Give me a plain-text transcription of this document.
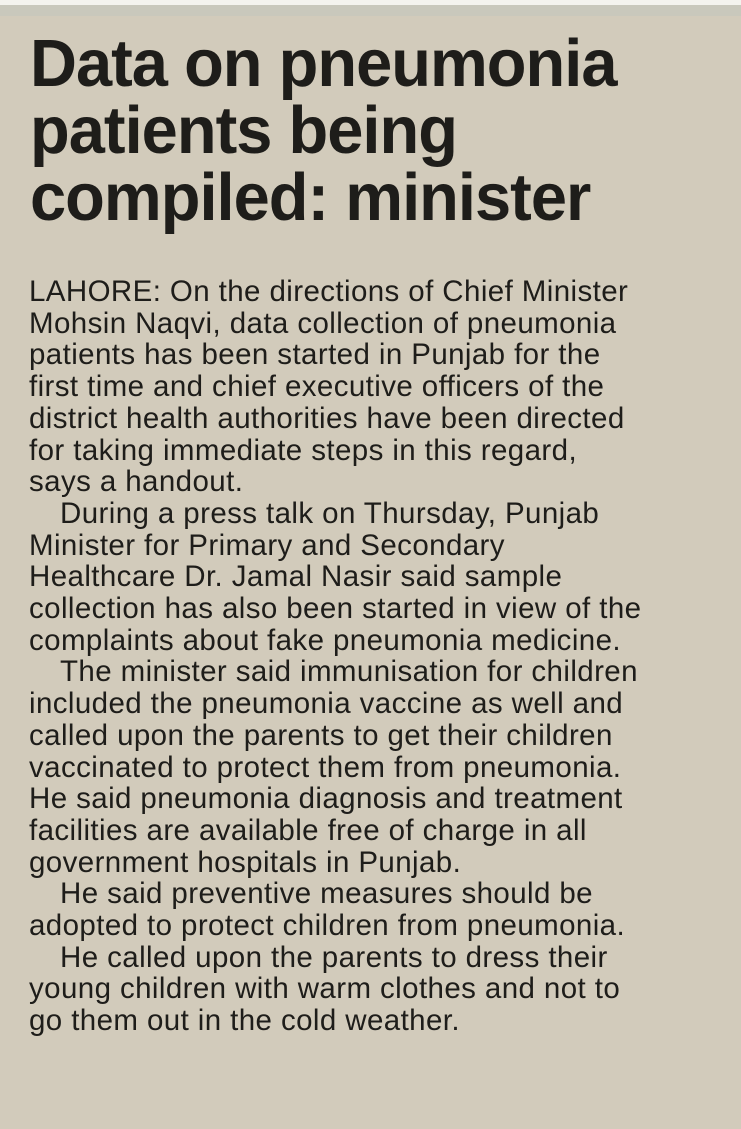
Data on pneumonia
patients being
compiled: minister
LAHORE: On the directions of Chief Minister
Mohsin Naqvi, data collection of pneumonia
patients has been started in Punjab for the
first time and chief executive officers of the
district health authorities have been directed
for taking immediate steps in this regard,
says a handout.
During a press talk on Thursday, Punjab
Minister for Primary and Secondary
Healthcare Dr. Jamal Nasir said sample
collection has also been started in view of the
complaints about fake pneumonia medicine.
The minister said immunisation for children
included the pneumonia vaccine as well and
called upon the parents to get their children
vaccinated to protect them from pneumonia.
He said pneumonia diagnosis and treatment
facilities are available free of charge in all
government hospitals in Punjab.
He said preventive measures should be
adopted to protect children from pneumonia.
He called upon the parents to dress their
young children with warm clothes and not to
go them out in the cold weather.
